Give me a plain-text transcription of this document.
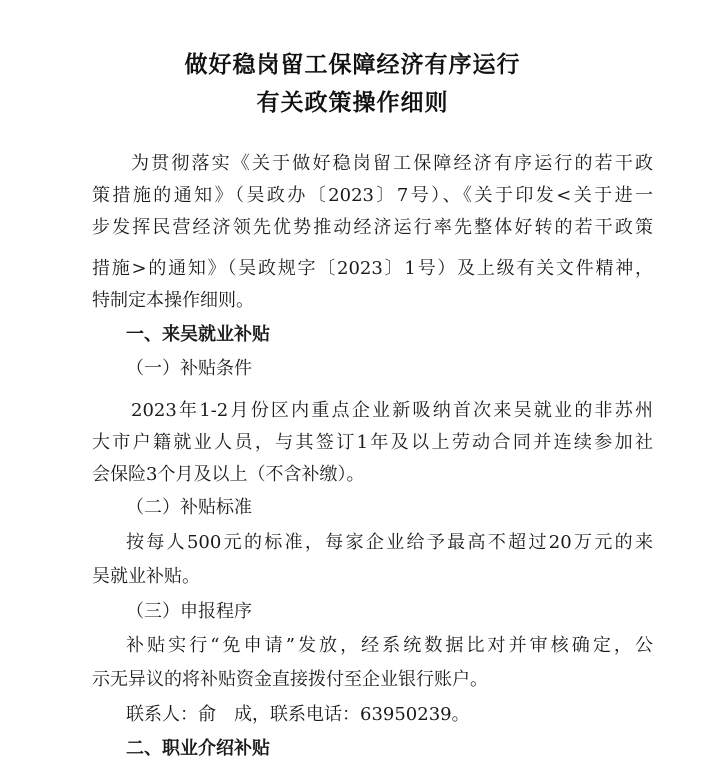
做好稳岗留工保障经济有序运行
有关政策操作细则
为贯彻落实《关于做好稳岗留工保障经济有序运行的若干政
策措施的通知》（吴政办〔2023〕7号）、《关于印发<关于进一
步发挥民营经济领先优势推动经济运行率先整体好转的若干政策
措施>的通知》（吴政规字〔2023〕1号）及上级有关文件精神，
特制定本操作细则。
一、来吴就业补贴
（一）补贴条件
2023年1-2月份区内重点企业新吸纳首次来吴就业的非苏州
大市户籍就业人员，与其签订1年及以上劳动合同并连续参加社
会保险3个月及以上（不含补缴）。
（二）补贴标准
按每人500元的标准，每家企业给予最高不超过20万元的来
吴就业补贴。
（三）申报程序
补贴实行“免申请”发放，经系统数据比对并审核确定，公
示无异议的将补贴资金直接拨付至企业银行账户。
联系人：俞　成，联系电话：63950239。
二、职业介绍补贴
